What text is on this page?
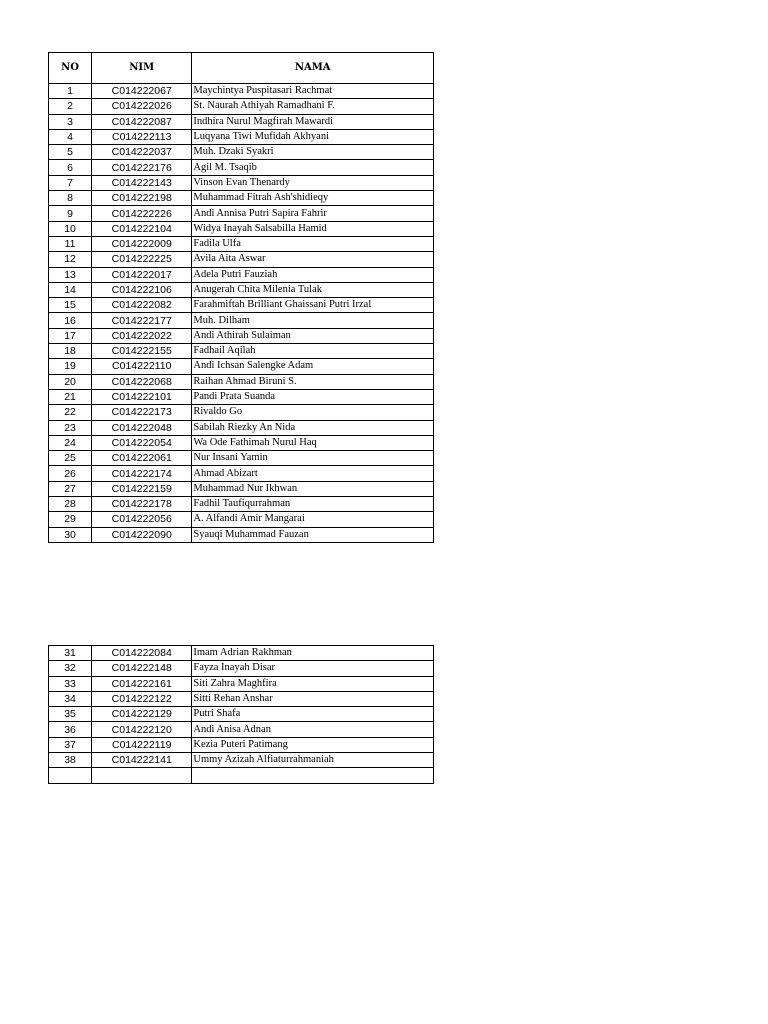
NO	NIM	NAMA
1	C014222067	Maychintya Puspitasari Rachmat
2	C014222026	St. Naurah Athiyah Ramadhani F.
3	C014222087	Indhira Nurul Magfirah Mawardi
4	C014222113	Luqyana Tiwi Mufidah Akhyani
5	C014222037	Muh. Dzaki Syakri
6	C014222176	Agil M. Tsaqib
7	C014222143	Vinson Evan Thenardy
8	C014222198	Muhammad Fitrah Ash'shidieqy
9	C014222226	Andi Annisa Putri Sapira Fahrir
10	C014222104	Widya Inayah Salsabilla Hamid
11	C014222009	Fadila Ulfa
12	C014222225	Avila Aita Aswar
13	C014222017	Adela Putri Fauziah
14	C014222106	Anugerah Chita Milenia Tulak
15	C014222082	Farahmiftah Brilliant Ghaissani Putri Irzal
16	C014222177	Muh. Dilham
17	C014222022	Andi Athirah Sulaiman
18	C014222155	Fadhail Aqilah
19	C014222110	Andi Ichsan Salengke Adam
20	C014222068	Raihan Ahmad Biruni S.
21	C014222101	Pandi Prata Suanda
22	C014222173	Rivaldo Go
23	C014222048	Sabilah Riezky An Nida
24	C014222054	Wa Ode Fathimah Nurul Haq
25	C014222061	Nur Insani Yamin
26	C014222174	Ahmad Abizart
27	C014222159	Muhammad Nur Ikhwan
28	C014222178	Fadhil Taufiqurrahman
29	C014222056	A. Alfandi Amir Mangarai
30	C014222090	Syauqi Muhammad Fauzan
31	C014222084	Imam Adrian Rakhman
32	C014222148	Fayza Inayah Disar
33	C014222161	Siti Zahra Maghfira
34	C014222122	Sitti Rehan Anshar
35	C014222129	Putri Shafa
36	C014222120	Andi Anisa Adnan
37	C014222119	Kezia Puteri Patimang
38	C014222141	Ummy Azizah Alfiaturrahmaniah
